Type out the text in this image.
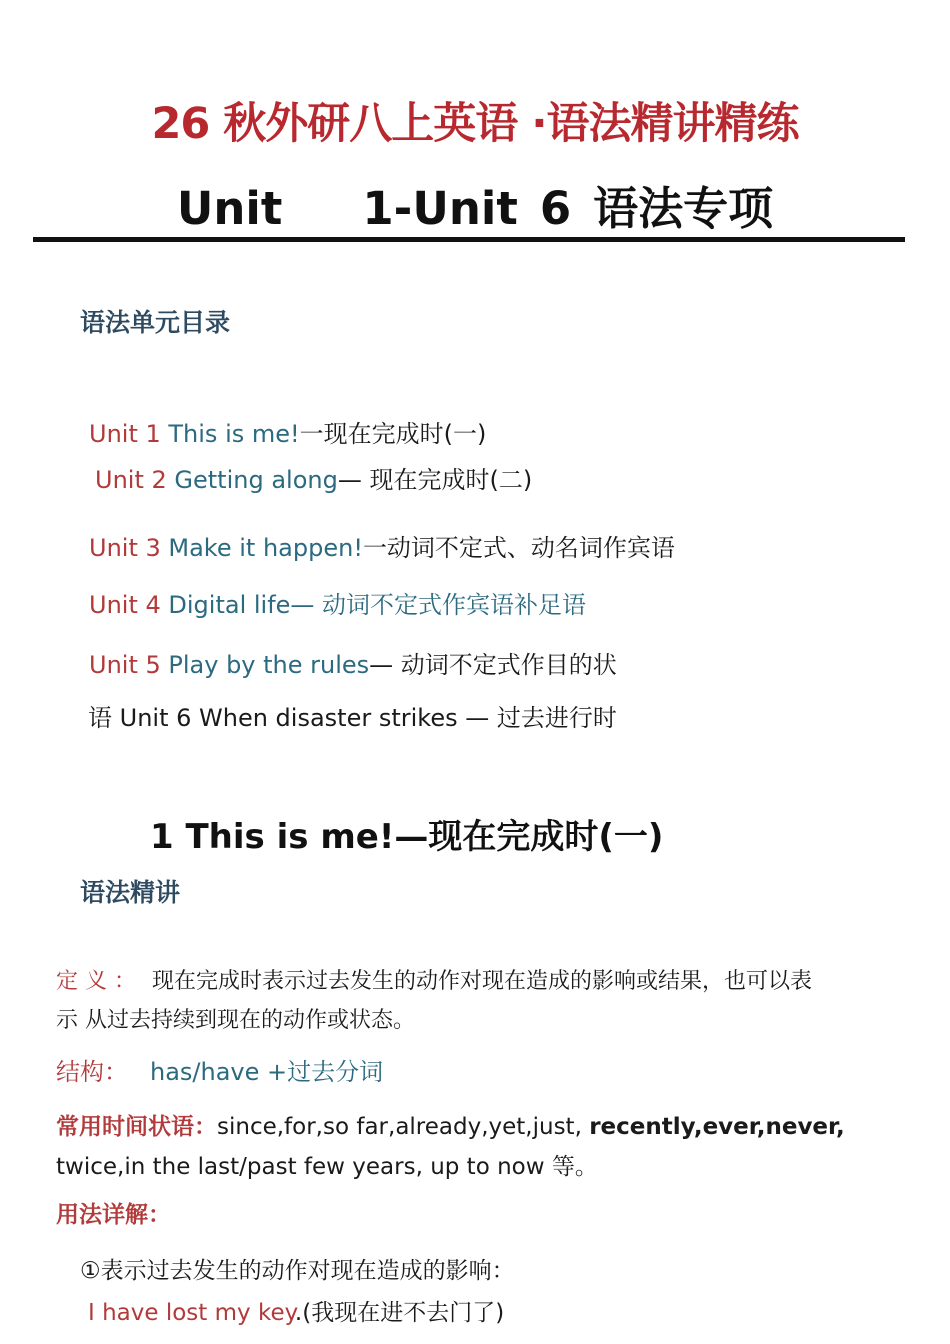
26 秋外研八上英语 ·语法精讲精练
Unit 1-Unit 6 语法专项
语法单元目录
Unit 1 This is me!一现在完成时(一)
Unit 2 Getting along— 现在完成时(二)
Unit 3 Make it happen!一动词不定式、动名词作宾语
Unit 4 Digital life— 动词不定式作宾语补足语
Unit 5 Play by the rules— 动词不定式作目的状
语 Unit 6 When disaster strikes — 过去进行时
1 This is me!—现在完成时(一)
语法精讲
定 义 ： 现在完成时表示过去发生的动作对现在造成的影响或结果，也可以表
示 从过去持续到现在的动作或状态。
结构： has/have +过去分词
常用时间状语：since,for,so far,already,yet,just, recently,ever,never,
twice,in the last/past few years, up to now 等。
用法详解：
①表示过去发生的动作对现在造成的影响：
I have lost my key.(我现在进不去门了)
